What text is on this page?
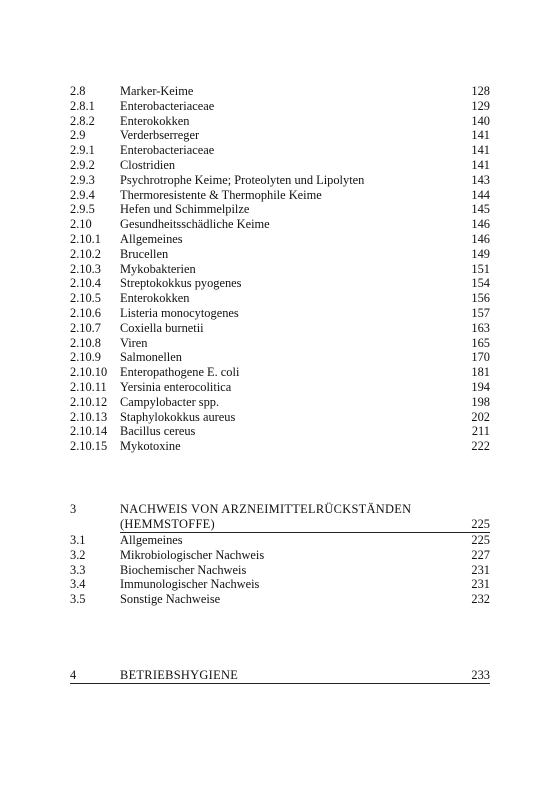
2.8	Marker-Keime	128
2.8.1 Enterobacteriaceae	129
2.8.2 Enterokokken	140
2.9	Verderbserreger	141
2.9.1 Enterobacteriaceae	141
2.9.2 Clostridien	141
2.9.3 Psychrotrophe Keime; Proteolyten und Lipolyten	143
2.9.4 Thermoresistente & Thermophile Keime	144
2.9.5 Hefen und Schimmelpilze	145
2.10 Gesundheitsschädliche Keime	146
2.10.1 Allgemeines	146
2.10.2 Brucellen	149
2.10.3 Mykobakterien	151
2.10.4 Streptokokkus pyogenes	154
2.10.5 Enterokokken	156
2.10.6 Listeria monocytogenes	157
2.10.7 Coxiella burnetii	163
2.10.8 Viren	165
2.10.9 Salmonellen	170
2.10.10 Enteropathogene E. coli	181
2.10.11 Yersinia enterocolitica	194
2.10.12 Campylobacter spp.	198
2.10.13 Staphylokokkus aureus	202
2.10.14 Bacillus cereus	211
2.10.15 Mykotoxine	222
3	NACHWEIS VON ARZNEIMITTELRÜCKSTÄNDEN
(HEMMSTOFFE)	225
3.1	Allgemeines	225
3.2	Mikrobiologischer Nachweis	227
3.3	Biochemischer Nachweis	231
3.4	Immunologischer Nachweis	231
3.5	Sonstige Nachweise	232
4	BETRIEBSHYGIENE	233
